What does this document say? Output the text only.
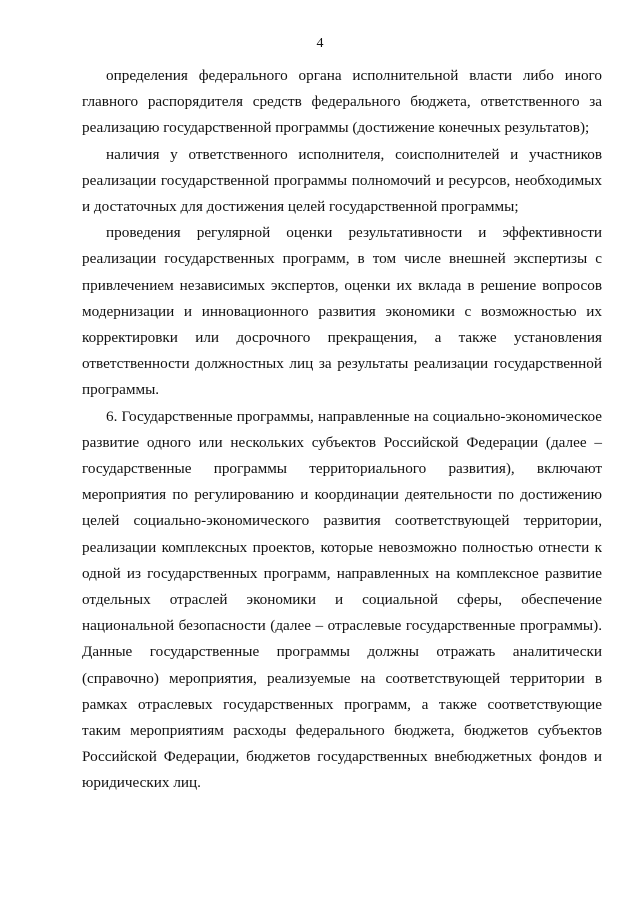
4

определения федерального органа исполнительной власти либо иного главного распорядителя средств федерального бюджета, ответственного за реализацию государственной программы (достижение конечных результатов);

наличия у ответственного исполнителя, соисполнителей и участников реализации государственной программы полномочий и ресурсов, необходимых и достаточных для достижения целей государственной программы;

проведения регулярной оценки результативности и эффективности реализации государственных программ, в том числе внешней экспертизы с привлечением независимых экспертов, оценки их вклада в решение вопросов модернизации и инновационного развития экономики с возможностью их корректировки или досрочного прекращения, а также установления ответственности должностных лиц за результаты реализации государственной программы.

6. Государственные программы, направленные на социально-экономическое развитие одного или нескольких субъектов Российской Федерации (далее – государственные программы территориального развития), включают мероприятия по регулированию и координации деятельности по достижению целей социально-экономического развития соответствующей территории, реализации комплексных проектов, которые невозможно полностью отнести к одной из государственных программ, направленных на комплексное развитие отдельных отраслей экономики и социальной сферы, обеспечение национальной безопасности (далее – отраслевые государственные программы). Данные государственные программы должны отражать аналитически (справочно) мероприятия, реализуемые на соответствующей территории в рамках отраслевых государственных программ, а также соответствующие таким мероприятиям расходы федерального бюджета, бюджетов субъектов Российской Федерации, бюджетов государственных внебюджетных фондов и юридических лиц.
